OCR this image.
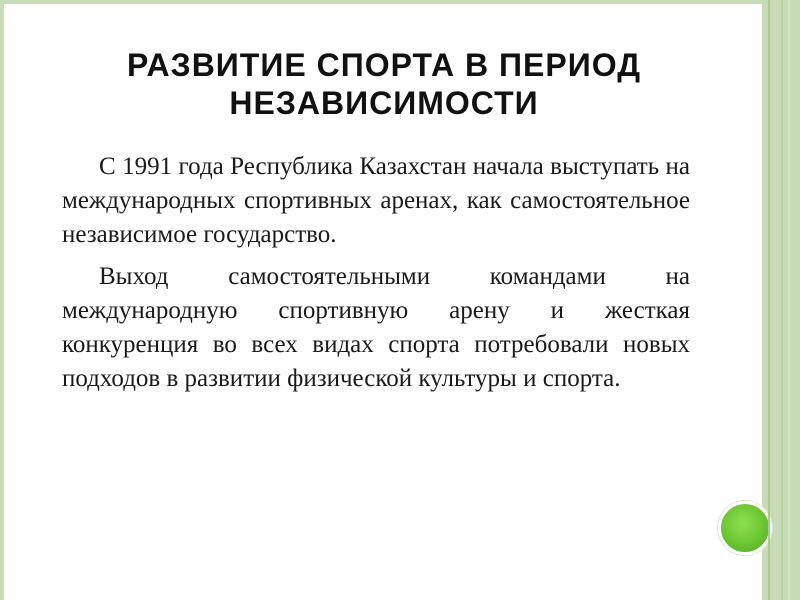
РАЗВИТИЕ СПОРТА В ПЕРИОД НЕЗАВИСИМОСТИ

С 1991 года Республика Казахстан начала выступать на международных спортивных аренах, как самостоятельное независимое государство.

Выход самостоятельными командами на международную спортивную арену и жесткая конкуренция во всех видах спорта потребовали новых подходов в развитии физической культуры и спорта.
